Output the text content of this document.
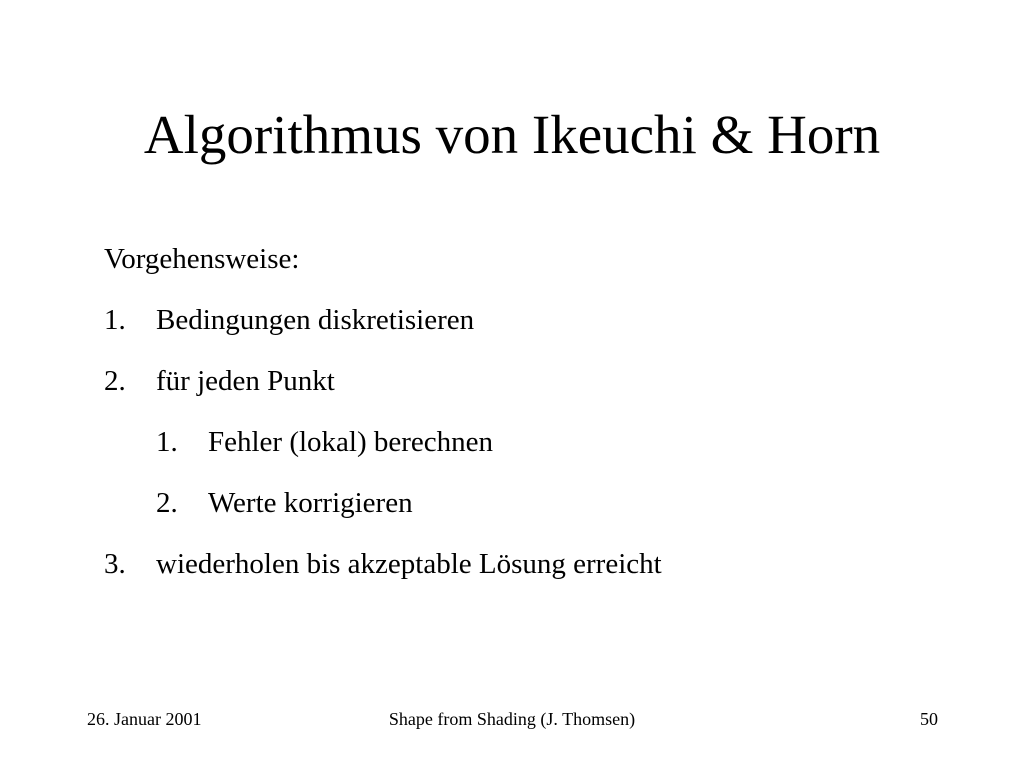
Algorithmus von Ikeuchi & Horn
Vorgehensweise:
1. Bedingungen diskretisieren
2. für jeden Punkt
1. Fehler (lokal) berechnen
2. Werte korrigieren
3. wiederholen bis akzeptable Lösung erreicht
26. Januar 2001	Shape from Shading (J. Thomsen)	50
